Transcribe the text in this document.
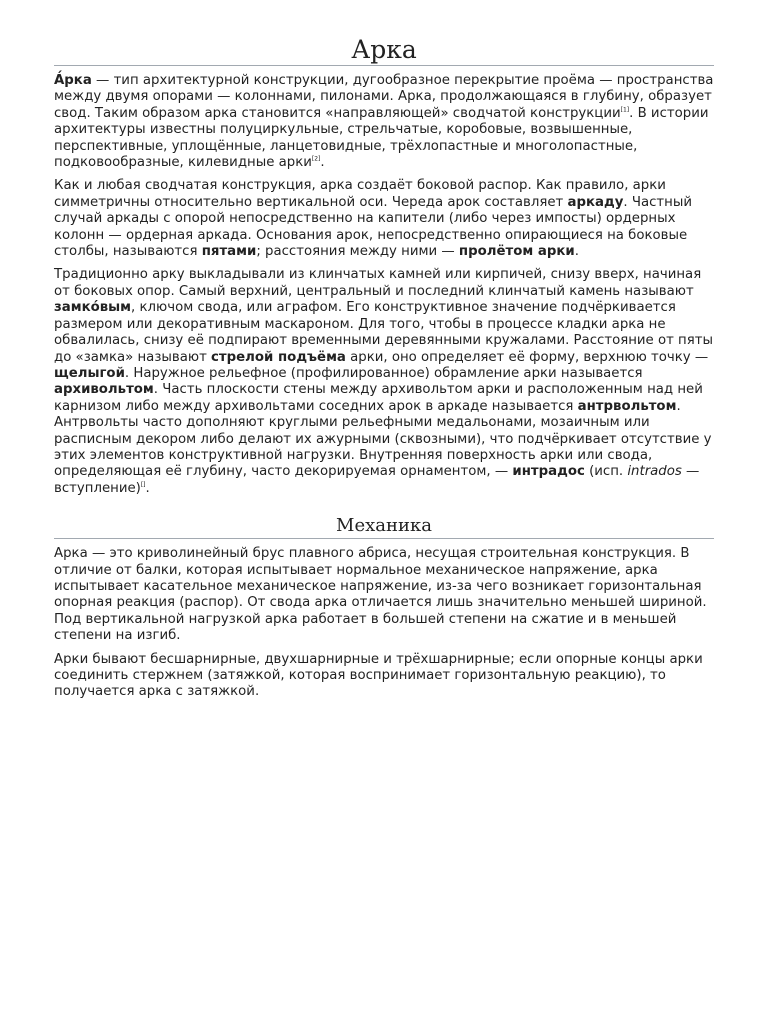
Арка

А́рка — тип архитектурной конструкции, дугообразное перекрытие проёма — пространства между двумя опорами — колоннами, пилонами. Арка, продолжающаяся в глубину, образует свод. Таким образом арка становится «направляющей» сводчатой конструкции[1]. В истории архитектуры известны полуциркульные, стрельчатые, коробовые, возвышенные, перспективные, уплощённые, ланцетовидные, трёхлопастные и многолопастные, подковообразные, килевидные арки[2].

Как и любая сводчатая конструкция, арка создаёт боковой распор. Как правило, арки симметричны относительно вертикальной оси. Череда арок составляет аркаду. Частный случай аркады с опорой непосредственно на капители (либо через импосты) ордерных колонн — ордерная аркада. Основания арок, непосредственно опирающиеся на боковые столбы, называются пятами; расстояния между ними — пролётом арки.

Традиционно арку выкладывали из клинчатых камней или кирпичей, снизу вверх, начиная от боковых опор. Самый верхний, центральный и последний клинчатый камень называют замко́вым, ключом свода, или аграфом. Его конструктивное значение подчёркивается размером или декоративным маскароном. Для того, чтобы в процессе кладки арка не обвалилась, снизу её подпирают временными деревянными кружалами. Расстояние от пяты до «замка» называют стрелой подъёма арки, оно определяет её форму, верхнюю точку — щелыгой. Наружное рельефное (профилированное) обрамление арки называется архивольтом. Часть плоскости стены между архивольтом арки и расположенным над ней карнизом либо между архивольтами соседних арок в аркаде называется антрвольтом. Антрвольты часто дополняют круглыми рельефными медальонами, мозаичным или расписным декором либо делают их ажурными (сквозными), что подчёркивает отсутствие у этих элементов конструктивной нагрузки. Внутренняя поверхность арки или свода, определяющая её глубину, часто декорируемая орнаментом, — интрадос (исп. intrados — вступление)[].

Механика

Арка — это криволинейный брус плавного абриса, несущая строительная конструкция. В отличие от балки, которая испытывает нормальное механическое напряжение, арка испытывает касательное механическое напряжение, из-за чего возникает горизонтальная опорная реакция (распор). От свода арка отличается лишь значительно меньшей шириной. Под вертикальной нагрузкой арка работает в большей степени на сжатие и в меньшей степени на изгиб.

Арки бывают бесшарнирные, двухшарнирные и трёхшарнирные; если опорные концы арки соединить стержнем (затяжкой, которая воспринимает горизонтальную реакцию), то получается арка с затяжкой.
